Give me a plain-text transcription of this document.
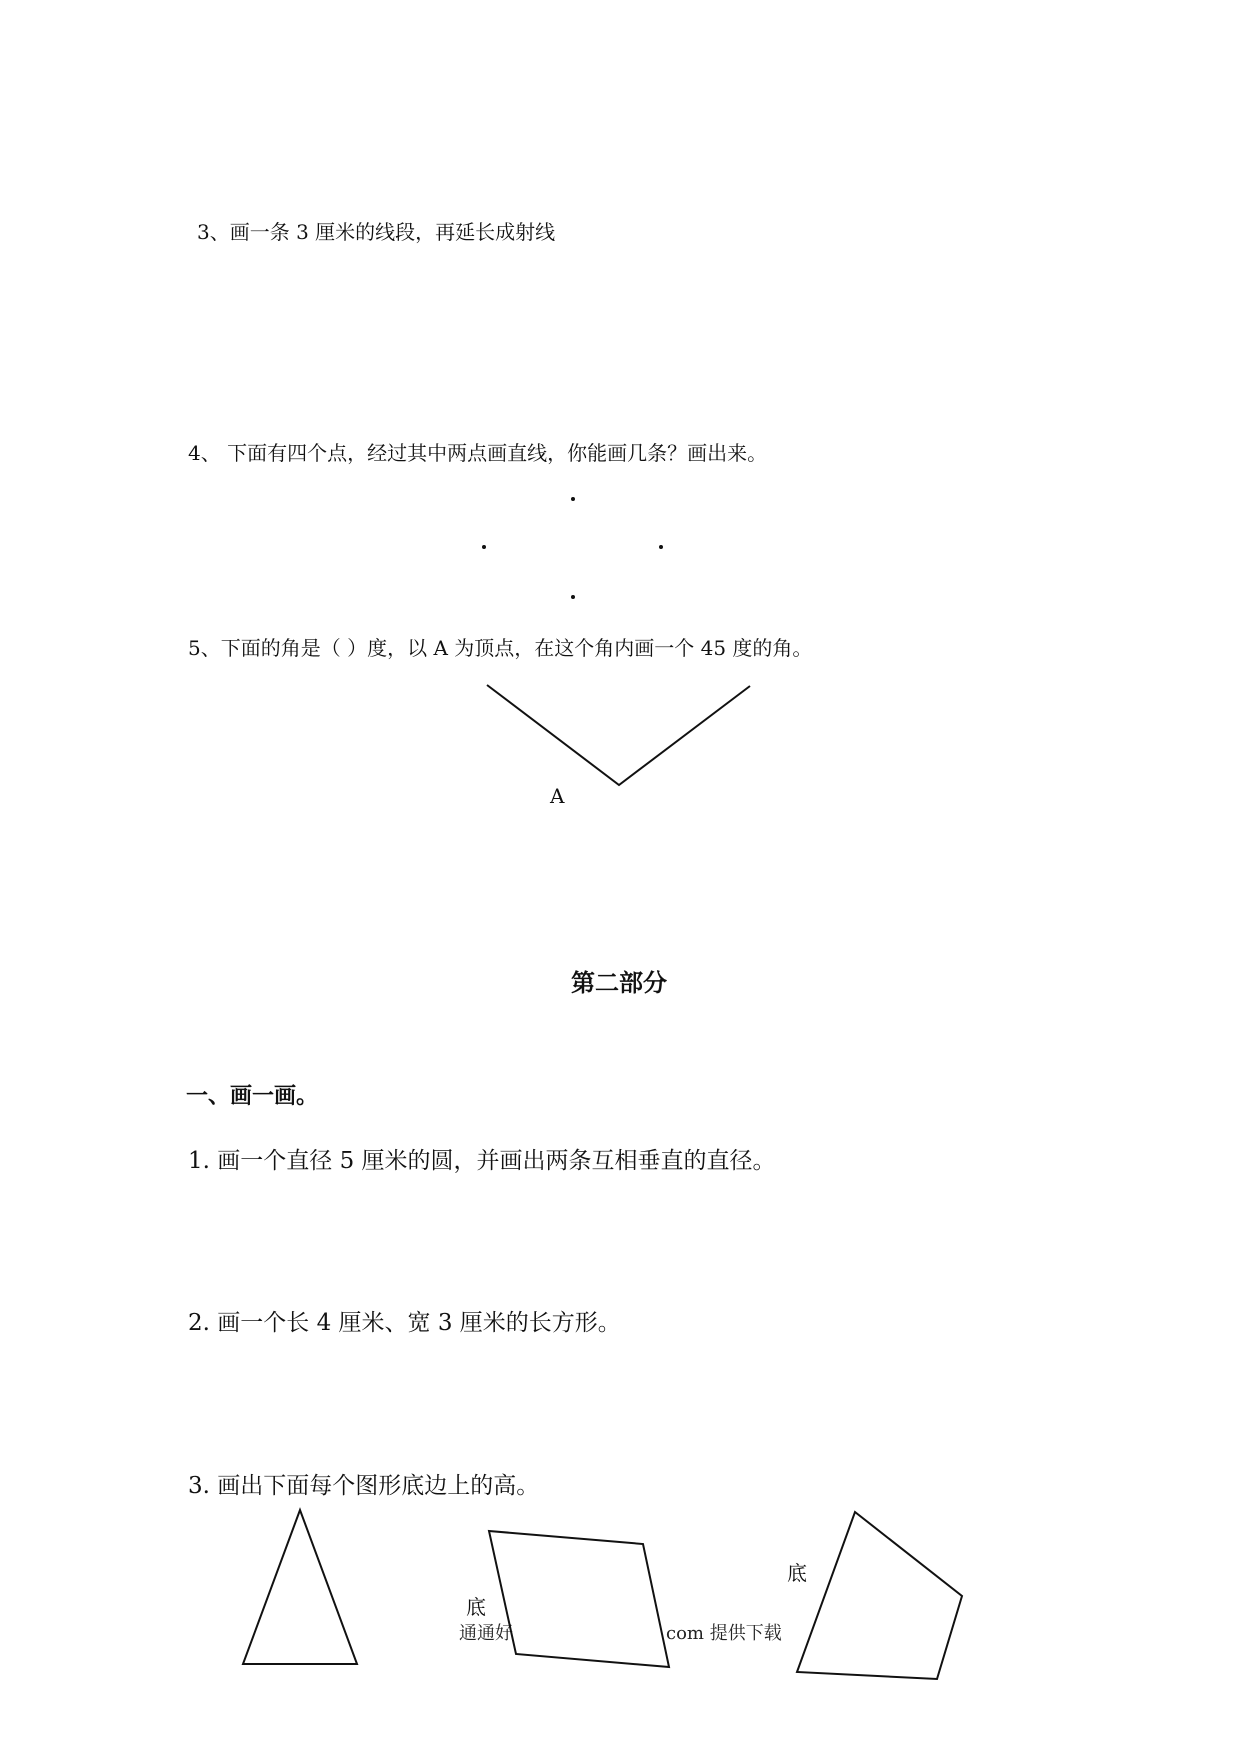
3、画一条 3 厘米的线段，再延长成射线
4、 下面有四个点，经过其中两点画直线，你能画几条？画出来。
5、下面的角是（ ）度，以 A 为顶点，在这个角内画一个 45 度的角。
A
第二部分
一、画一画。
1. 画一个直径 5 厘米的圆，并画出两条互相垂直的直径。
2. 画一个长 4 厘米、宽 3 厘米的长方形。
3. 画出下面每个图形底边上的高。
底
底
通通好	com 提供下载
